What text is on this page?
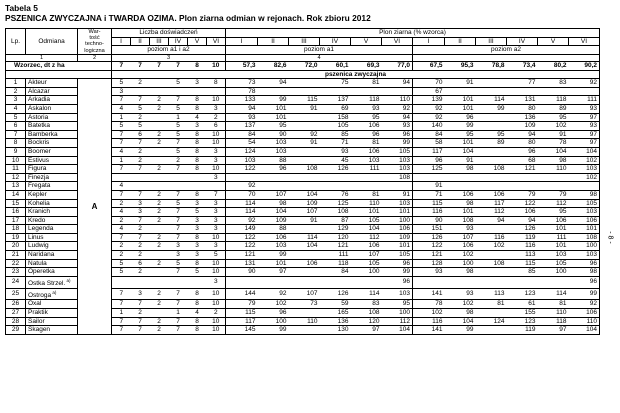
Tabela 5
PSZENICA ZWYCZAJNA i TWARDA OZIMA. Plon ziarna odmian w rejonach. Rok zbioru 2012
- 8 -
Lp.	Odmiana	War-
tość
techno-
logiczna	Liczba doświadczeń						Plon ziarna (% wzorca)											
			I	II	III	IV	V	VI	I	II	III	IV	V	VI	I	II	III	IV	V	VI
			poziom a1 i a2						poziom a1						poziom a2					
1		2	3						4											
Wzorzec, dt z ha			7	7	7	7	8	10	57,3	82,6	72,0	60,1	69,3	77,0	67,5	95,3	78,8	73,4	80,2	90,2
			pszenica zwyczajna																	
1	Akteur	A	5	2		5	3	8	73	94		75	81	94	70	91		77	83	92
2	Alcazar		3						78						67					
3	Arkadia		7	7	2	7	8	10	133	99	115	137	118	110	139	101	114	131	118	111
4	Askalon		4	5	2	5	8	3	94	101	91	69	93	92	92	101	99	80	89	93
5	Astoria		1	2		1	4	2	93	101		158	95	94	92	96		136	95	97
6	Batetka		5	5		5	3	6	137	95		105	106	93	140	99		109	102	93
7	Bamberka		7	6	2	5	8	10	84	90	92	85	96	96	84	95	95	94	91	97
8	Bockris		7	7	2	7	8	10	54	103	91	71	81	99	58	101	89	80	78	97
9	Boomer		4	2		5	8	3	124	103		93	106	105	117	104		96	104	104
10	Estivus		1	2		2	8	3	103	88		45	103	103	96	91		68	98	102
11	Figura		7	7	2	7	8	10	122	96	108	126	111	103	125	98	108	121	110	103
12	Finezja							3						108						102
13	Fregata		4						92						91					
14	Kepler		7	7	2	7	8	7	70	107	104	76	81	91	71	106	106	79	79	98
15	Kohelia		2	3	2	5	3	3	114	98	109	125	110	103	115	98	117	122	112	105
16	Kranich		4	3	2	7	5	3	114	104	107	108	101	101	116	101	112	106	95	103
17	Kredo		2	7	2	7	3	3	92	109	91	87	105	100	90	108	94	94	106	106
18	Legenda		4	2		7	3	3	149	88		129	104	106	151	93		126	101	101
19	Linus		7	7	2	7	8	10	122	106	114	120	112	109	126	107	116	119	111	108
20	Ludwig		2	2	2	3	3	3	122	103	104	121	106	101	122	106	102	116	101	100
21	Naridana		2	2		3	3	5	121	99		111	107	105	121	102		113	103	103
22	Natula		5	6	2	5	8	10	131	101	106	118	105	96	128	100	108	115	105	96
23	Operetka		5	2		7	5	10	90	97		84	100	99	93	98		85	100	98
24	Ostka Strzel. $^{a)}$							3						96						96
25	Ostroga $^{a)}$		7	3	2	7	8	10	144	92	107	126	114	103	141	93	113	123	114	99
26	Oxal		7	7	2	7	8	10	79	102	73	59	83	95	78	102	81	61	81	92
27	Praktik		1	2		1	4	2	115	96		165	108	100	102	98		155	110	106
28	Sailor		7	7	2	7	8	10	117	100	110	136	120	112	116	104	124	123	118	110
29	Skagen		7	7	2	7	8	10	145	99		130	97	104	141	99		119	97	104
